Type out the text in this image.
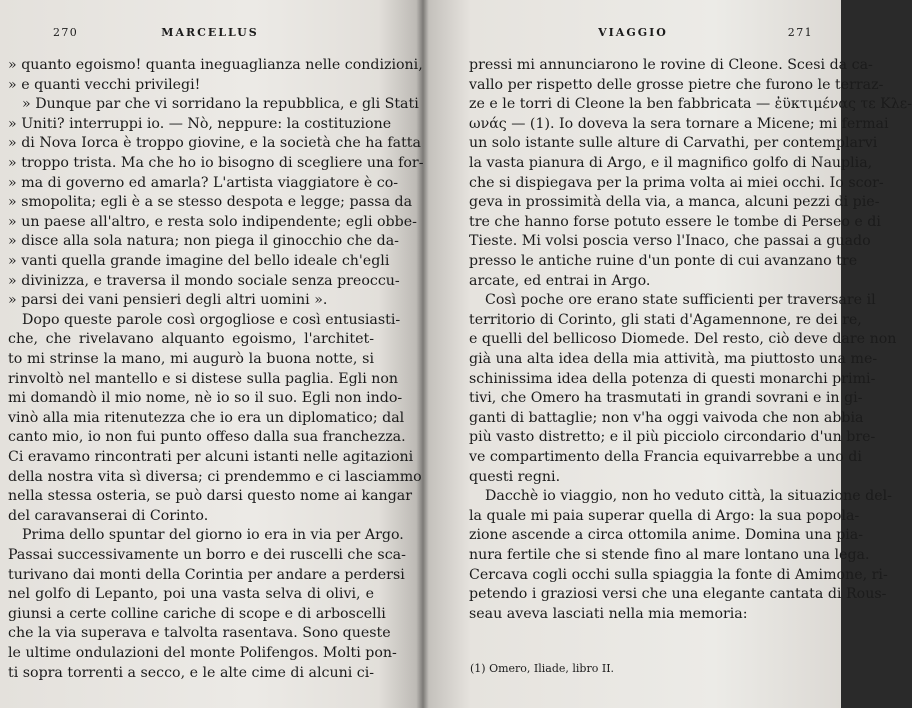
270	MARCELLUS
» quanto egoismo! quanta ineguaglianza nelle condizioni,
» e quanti vecchi privilegi!
» Dunque par che vi sorridano la repubblica, e gli Stati
» Uniti? interruppi io. — Nò, neppure: la costituzione
» di Nova Iorca è troppo giovine, e la società che ha fatta
» troppo trista. Ma che ho io bisogno di scegliere una for-
» ma di governo ed amarla? L'artista viaggiatore è co-
» smopolita; egli è a se stesso despota e legge; passa da
» un paese all'altro, e resta solo indipendente; egli obbe-
» disce alla sola natura; non piega il ginocchio che da-
» vanti quella grande imagine del bello ideale ch'egli
» divinizza, e traversa il mondo sociale senza preoccu-
» parsi dei vani pensieri degli altri uomini ».
Dopo queste parole così orgogliose e così entusiasti-
che, che rivelavano alquanto egoismo, l'architet-
to mi strinse la mano, mi augurò la buona notte, si
rinvoltò nel mantello e si distese sulla paglia. Egli non
mi domandò il mio nome, nè io so il suo. Egli non indo-
vinò alla mia ritenutezza che io era un diplomatico; dal
canto mio, io non fui punto offeso dalla sua franchezza.
Ci eravamo rincontrati per alcuni istanti nelle agitazioni
della nostra vita sì diversa; ci prendemmo e ci lasciammo
nella stessa osteria, se può darsi questo nome ai kangar
del caravanserai di Corinto.
Prima dello spuntar del giorno io era in via per Argo.
Passai successivamente un borro e dei ruscelli che sca-
turivano dai monti della Corintia per andare a perdersi
nel golfo di Lepanto, poi una vasta selva di olivi, e
giunsi a certe colline cariche di scope e di arboscelli
che la via superava e talvolta rasentava. Sono queste
le ultime ondulazioni del monte Polifengos. Molti pon-
ti sopra torrenti a secco, e le alte cime di alcuni ci-
VIAGGIO	271
pressi mi annunciarono le rovine di Cleone. Scesi da ca-
vallo per rispetto delle grosse pietre che furono le terraz-
ze e le torri di Cleone la ben fabbricata — ἐϋκτιμένας τε Κλε-
ωνάς — (1). Io doveva la sera tornare a Micene; mi fermai
un solo istante sulle alture di Carvathi, per contemplarvi
la vasta pianura di Argo, e il magnifico golfo di Nauplia,
che si dispiegava per la prima volta ai miei occhi. Io scor-
geva in prossimità della via, a manca, alcuni pezzi di pie-
tre che hanno forse potuto essere le tombe di Perseo e di
Tieste. Mi volsi poscia verso l'Inaco, che passai a guado
presso le antiche ruine d'un ponte di cui avanzano tre
arcate, ed entrai in Argo.
Così poche ore erano state sufficienti per traversare il
territorio di Corinto, gli stati d'Agamennone, re dei re,
e quelli del bellicoso Diomede. Del resto, ciò deve dare non
già una alta idea della mia attività, ma piuttosto una me-
schinissima idea della potenza di questi monarchi primi-
tivi, che Omero ha trasmutati in grandi sovrani e in gi-
ganti di battaglie; non v'ha oggi vaivoda che non abbia
più vasto distretto; e il più picciolo circondario d'un bre-
ve compartimento della Francia equivarrebbe a uno di
questi regni.
Dacchè io viaggio, non ho veduto città, la situazione del-
la quale mi paia superar quella di Argo: la sua popola-
zione ascende a circa ottomila anime. Domina una pia-
nura fertile che si stende fino al mare lontano una lega.
Cercava cogli occhi sulla spiaggia la fonte di Amimone, ri-
petendo i graziosi versi che una elegante cantata di Rous-
seau aveva lasciati nella mia memoria:
(1) Omero, Iliade, libro II.
